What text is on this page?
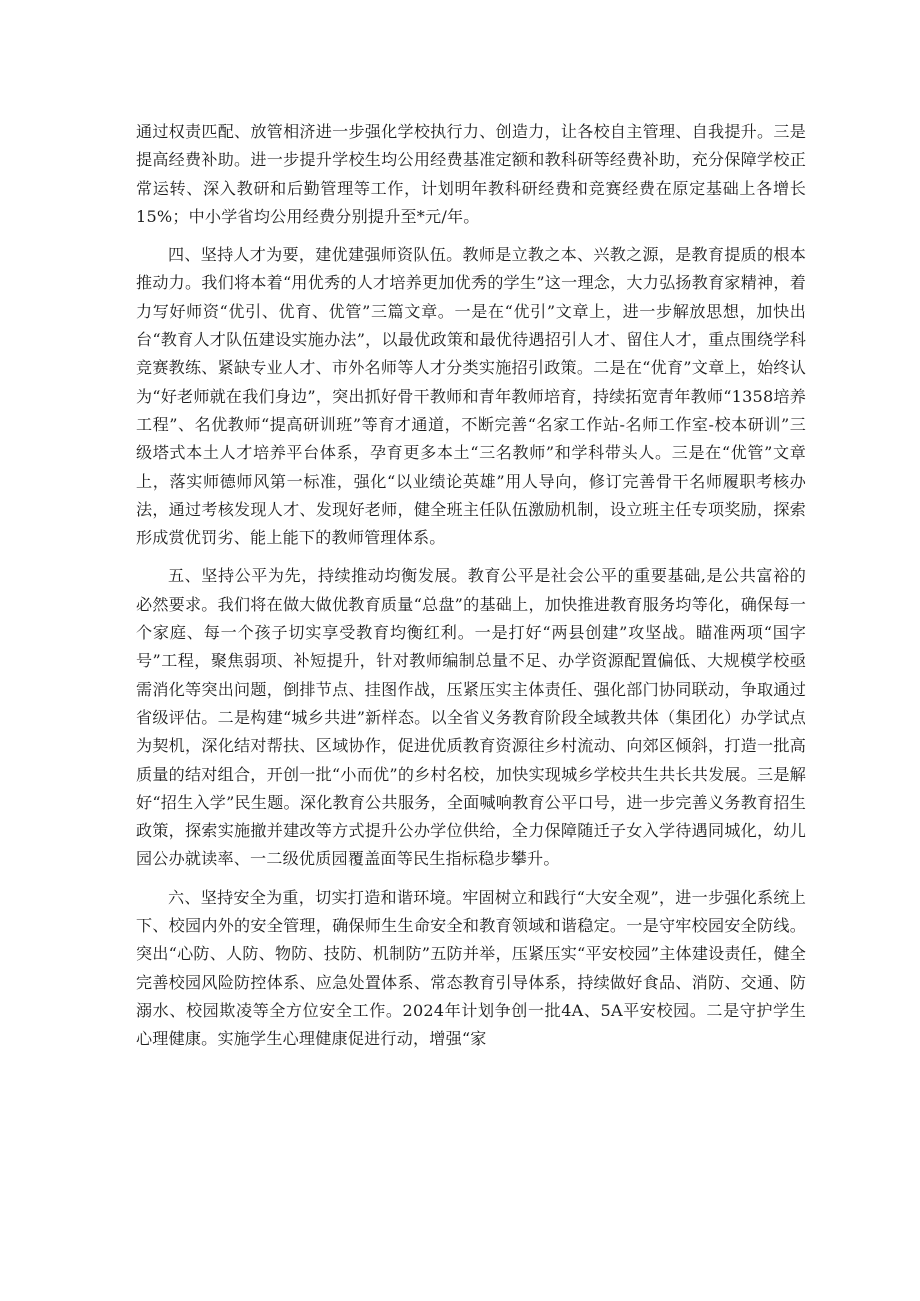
通过权责匹配、放管相济进一步强化学校执行力、创造力，让各校自主管理、自我提升。三是提高经费补助。进一步提升学校生均公用经费基准定额和教科研等经费补助，充分保障学校正常运转、深入教研和后勤管理等工作，计划明年教科研经费和竞赛经费在原定基础上各增长15%；中小学省均公用经费分别提升至*元/年。

四、坚持人才为要，建优建强师资队伍。教师是立教之本、兴教之源，是教育提质的根本推动力。我们将本着“用优秀的人才培养更加优秀的学生”这一理念，大力弘扬教育家精神，着力写好师资“优引、优育、优管”三篇文章。一是在“优引”文章上，进一步解放思想，加快出台“教育人才队伍建设实施办法”，以最优政策和最优待遇招引人才、留住人才，重点围绕学科竞赛教练、紧缺专业人才、市外名师等人才分类实施招引政策。二是在“优育”文章上，始终认为“好老师就在我们身边”，突出抓好骨干教师和青年教师培育，持续拓宽青年教师“1358培养工程”、名优教师“提高研训班”等育才通道，不断完善“名家工作站-名师工作室-校本研训”三级塔式本土人才培养平台体系，孕育更多本土“三名教师”和学科带头人。三是在“优管”文章上，落实师德师风第一标准，强化“以业绩论英雄”用人导向，修订完善骨干名师履职考核办法，通过考核发现人才、发现好老师，健全班主任队伍激励机制，设立班主任专项奖励，探索形成赏优罚劣、能上能下的教师管理体系。

五、坚持公平为先，持续推动均衡发展。教育公平是社会公平的重要基础,是公共富裕的必然要求。我们将在做大做优教育质量“总盘”的基础上，加快推进教育服务均等化，确保每一个家庭、每一个孩子切实享受教育均衡红利。一是打好“两县创建”攻坚战。瞄准两项“国字号”工程，聚焦弱项、补短提升，针对教师编制总量不足、办学资源配置偏低、大规模学校亟需消化等突出问题，倒排节点、挂图作战，压紧压实主体责任、强化部门协同联动，争取通过省级评估。二是构建“城乡共进”新样态。以全省义务教育阶段全域教共体（集团化）办学试点为契机，深化结对帮扶、区域协作，促进优质教育资源往乡村流动、向郊区倾斜，打造一批高质量的结对组合，开创一批“小而优”的乡村名校，加快实现城乡学校共生共长共发展。三是解好“招生入学”民生题。深化教育公共服务，全面喊响教育公平口号，进一步完善义务教育招生政策，探索实施撤并建改等方式提升公办学位供给，全力保障随迁子女入学待遇同城化，幼儿园公办就读率、一二级优质园覆盖面等民生指标稳步攀升。

六、坚持安全为重，切实打造和谐环境。牢固树立和践行“大安全观”，进一步强化系统上下、校园内外的安全管理，确保师生生命安全和教育领域和谐稳定。一是守牢校园安全防线。突出“心防、人防、物防、技防、机制防”五防并举，压紧压实“平安校园”主体建设责任，健全完善校园风险防控体系、应急处置体系、常态教育引导体系，持续做好食品、消防、交通、防溺水、校园欺凌等全方位安全工作。2024年计划争创一批4A、5A平安校园。二是守护学生心理健康。实施学生心理健康促进行动，增强“家
